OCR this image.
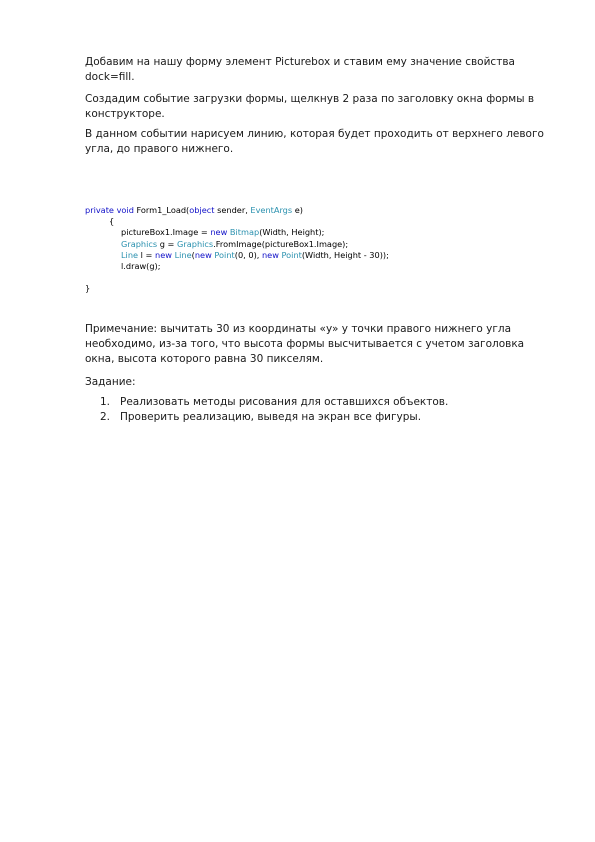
Добавим на нашу форму элемент Picturebox и ставим ему значение свойства dock=fill.

Создадим событие загрузки формы, щелкнув 2 раза по заголовку окна формы в конструкторе.

В данном событии нарисуем линию, которая будет проходить от верхнего левого угла, до правого нижнего.

private void Form1_Load(object sender, EventArgs e)
{
pictureBox1.Image = new Bitmap(Width, Height);
Graphics g = Graphics.FromImage(pictureBox1.Image);
Line l = new Line(new Point(0, 0), new Point(Width, Height - 30));
l.draw(g);
}

Примечание: вычитать 30 из координаты «y» у точки правого нижнего угла необходимо, из-за того, что высота формы высчитывается с учетом заголовка окна, высота которого равна 30 пикселям.

Задание:

1. Реализовать методы рисования для оставшихся объектов.
2. Проверить реализацию, выведя на экран все фигуры.
